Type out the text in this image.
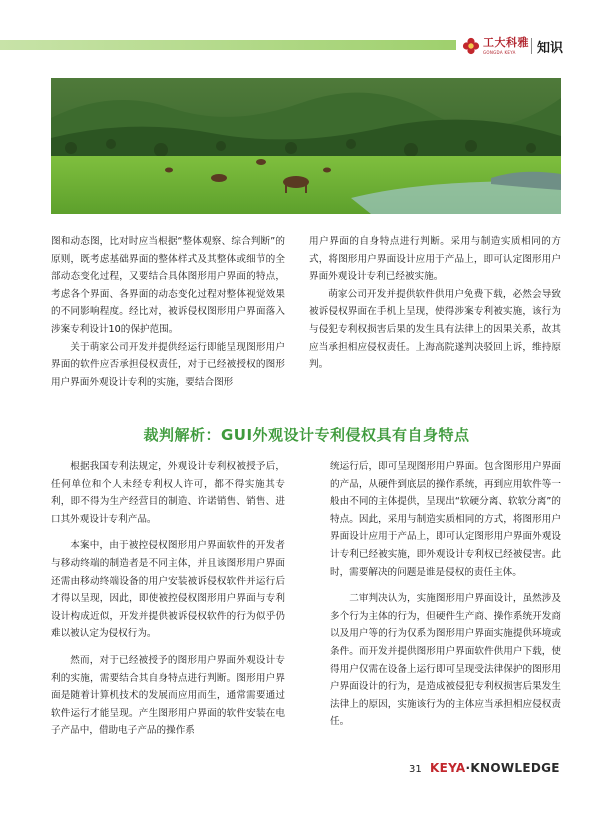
工大科雅
GONGDA KEYA 知识

图和动态图，比对时应当根据“整体观察、综合判断”的原则，既考虑基础界面的整体样式及其整体或细节的全部动态变化过程，又要结合具体图形用户界面的特点，考虑各个界面、各界面的动态变化过程对整体视觉效果的不同影响程度。经比对，被诉侵权图形用户界面落入涉案专利设计10的保护范围。

关于萌家公司开发并提供经运行即能呈现图形用户界面的软件应否承担侵权责任，对于已经被授权的图形用户界面外观设计专利的实施，要结合图形

用户界面的自身特点进行判断。采用与制造实质相同的方式，将图形用户界面设计应用于产品上，即可认定图形用户界面外观设计专利已经被实施。

萌家公司开发并提供软件供用户免费下载，必然会导致被诉侵权界面在手机上呈现，使得涉案专利被实施，该行为与侵犯专利权损害后果的发生具有法律上的因果关系，故其应当承担相应侵权责任。上海高院遂判决驳回上诉，维持原判。

裁判解析：GUI外观设计专利侵权具有自身特点

根据我国专利法规定，外观设计专利权被授予后，任何单位和个人未经专利权人许可，都不得实施其专利，即不得为生产经营目的制造、许诺销售、销售、进口其外观设计专利产品。

本案中，由于被控侵权图形用户界面软件的开发者与移动终端的制造者是不同主体，并且该图形用户界面还需由移动终端设备的用户安装被诉侵权软件并运行后才得以呈现，因此，即使被控侵权图形用户界面与专利设计构成近似，开发并提供被诉侵权软件的行为似乎仍难以被认定为侵权行为。

然而，对于已经被授予的图形用户界面外观设计专利的实施，需要结合其自身特点进行判断。图形用户界面是随着计算机技术的发展而应用而生，通常需要通过软件运行才能呈现。产生图形用户界面的软件安装在电子产品中，借助电子产品的操作系

统运行后，即可呈现图形用户界面。包含图形用户界面的产品，从硬件到底层的操作系统，再到应用软件等一般由不同的主体提供，呈现出“软硬分离、软软分离”的特点。因此，采用与制造实质相同的方式，将图形用户界面设计应用于产品上，即可认定图形用户界面外观设计专利已经被实施，即外观设计专利权已经被侵害。此时，需要解决的问题是谁是侵权的责任主体。

二审判决认为，实施图形用户界面设计，虽然涉及多个行为主体的行为，但硬件生产商、操作系统开发商以及用户等的行为仅系为图形用户界面实施提供环境或条件。而开发并提供图形用户界面软件供用户下载，使得用户仅需在设备上运行即可呈现受法律保护的图形用户界面设计的行为，是造成被侵犯专利权损害后果发生法律上的原因，实施该行为的主体应当承担相应侵权责任。

31 KEYA·KNOWLEDGE
